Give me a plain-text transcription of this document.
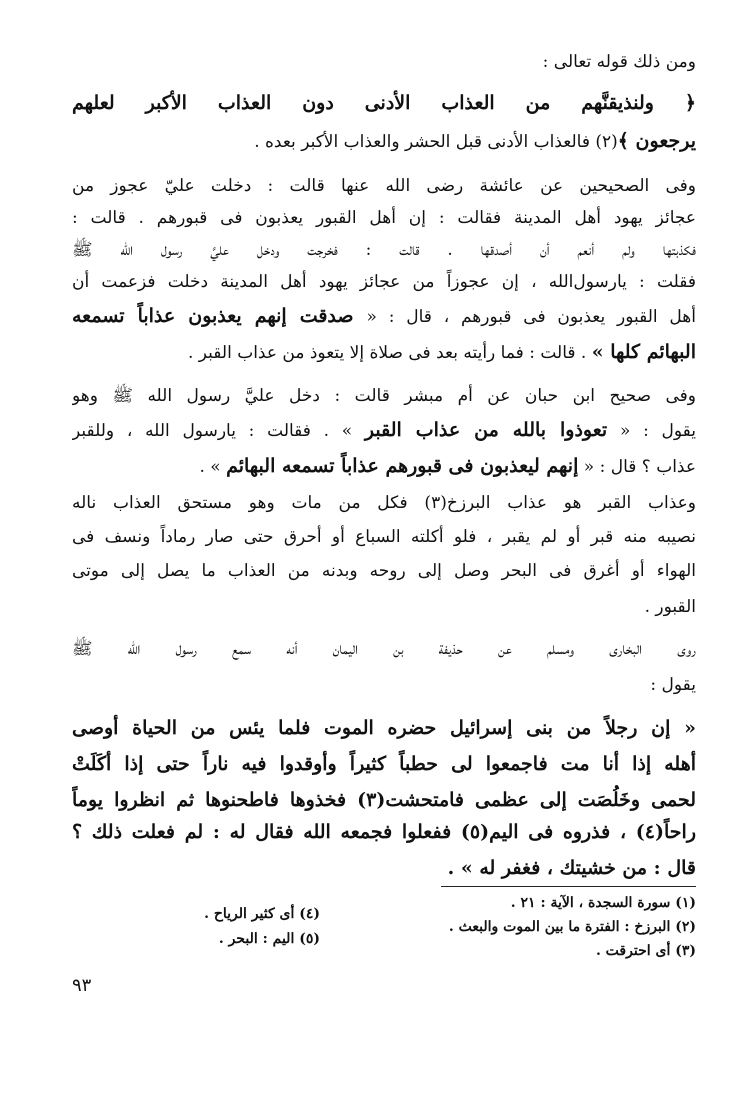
ومن ذلك قوله تعالى :
﴿ ولنذيقنَّهم من العذاب الأدنى دون العذاب الأكبر لعلهم
يرجعون ﴾(٢) فالعذاب الأدنى قبل الحشر والعذاب الأكبر بعده .
وفى الصحيحين عن عائشة رضى الله عنها قالت : دخلت عليّ عجوز من
عجائز يهود أهل المدينة فقالت : إن أهل القبور يعذبون فى قبورهم . قالت :
فكذبتها ولم أنعم أن أصدقها . قالت : فخرجت ودخل عليَّ رسول الله ﷺ
فقلت : يارسول‌الله ، إن عجوزاً من عجائز يهود أهل المدينة دخلت فزعمت أن
أهل القبور يعذبون فى قبورهم ، قال : « صدقت إنهم يعذبون عذاباً تسمعه
البهائم كلها » . قالت : فما رأيته بعد فى صلاة إلا يتعوذ من عذاب القبر .
وفى صحيح ابن حبان عن أم مبشر قالت : دخل عليَّ رسول الله ﷺ وهو
يقول : « تعوذوا بالله من عذاب القبر » . فقالت : يارسول الله ، وللقبر
عذاب ؟ قال : « إنهم ليعذبون فى قبورهم عذاباً تسمعه البهائم » .
وعذاب القبر هو عذاب البرزخ(٣) فكل من مات وهو مستحق العذاب ناله
نصيبه منه قبر أو لم يقبر ، فلو أكلته السباع أو أحرق حتى صار رماداً ونسف فى
الهواء أو أغرق فى البحر وصل إلى روحه وبدنه من العذاب ما يصل إلى موتى
القبور .
روى البخارى ومسلم عن حذيفة بن اليمان أنه سمع رسول الله ﷺ
يقول :
« إن رجلاً من بنى إسرائيل حضره الموت فلما يئس من الحياة أوصى
أهله إذا أنا مت فاجمعوا لى حطباً كثيراً وأوقدوا فيه ناراً حتى إذا أكَلَتْ
لحمى وخَلُصَت إلى عظمى فامتحشت(٣) فخذوها فاطحنوها ثم انظروا يوماً
راحاً(٤) ، فذروه فى اليم(٥) ففعلوا فجمعه الله فقال له : لم فعلت ذلك ؟
قال : من خشيتك ، فغفر له » .
(١) سورة السجدة ، الآية : ٢١ .
(٢) البرزخ : الفترة ما بين الموت والبعث .
(٣) أى احترقت .
(٤) أى كثير الرياح .
(٥) اليم : البحر .
٩٣
